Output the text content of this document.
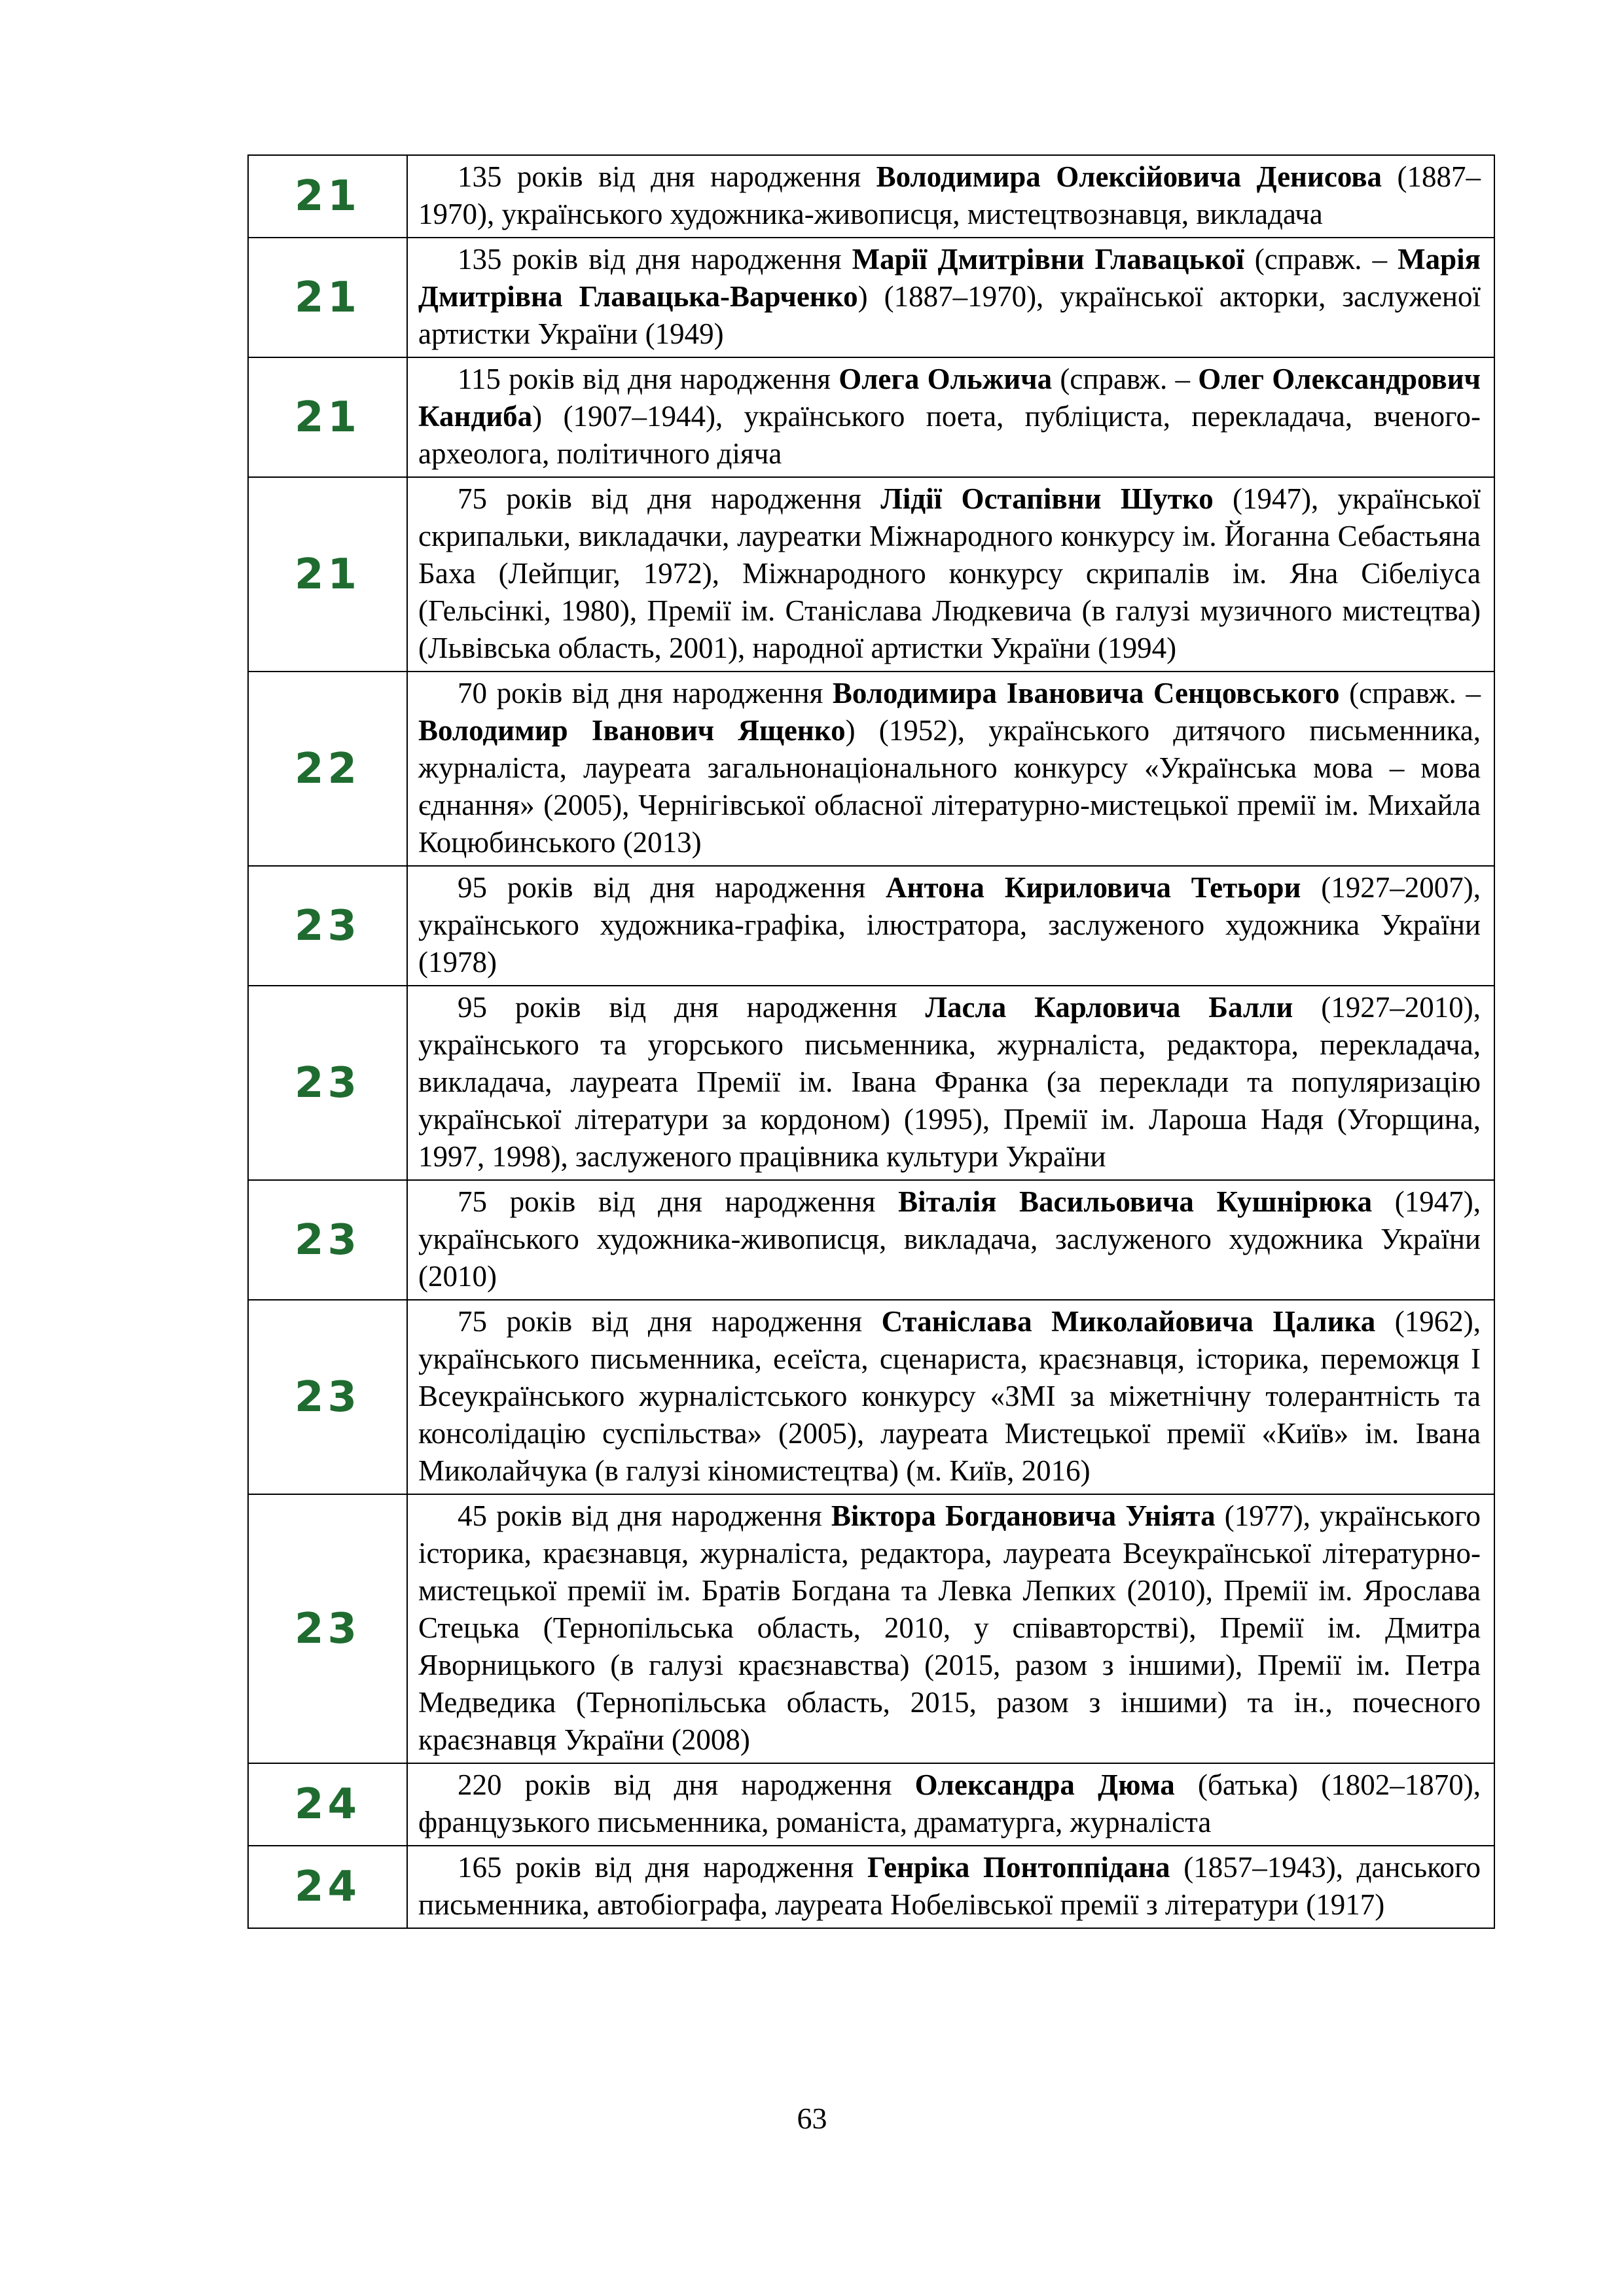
21	135 років від дня народження Володимира Олексійовича Денисова (1887–1970), українського художника-живописця, мистецтвознавця, викладача

21	135 років від дня народження Марії Дмитрівни Главацької (справж. – Марія Дмитрівна Главацька-Варченко) (1887–1970), української акторки, заслуженої артистки України (1949)

21	115 років від дня народження Олега Ольжича (справж. – Олег Олександрович Кандиба) (1907–1944), українського поета, публіциста, перекладача, вченого-археолога, політичного діяча

21	75 років від дня народження Лідії Остапівни Шутко (1947), української скрипальки, викладачки, лауреатки Міжнародного конкурсу ім. Йоганна Себастьяна Баха (Лейпциг, 1972), Міжнародного конкурсу скрипалів ім. Яна Сібеліуса (Гельсінкі, 1980), Премії ім. Станіслава Людкевича (в галузі музичного мистецтва) (Львівська область, 2001), народної артистки України (1994)

22	70 років від дня народження Володимира Івановича Сенцовського (справж. – Володимир Іванович Ященко) (1952), українського дитячого письменника, журналіста, лауреата загальнонаціонального конкурсу «Українська мова – мова єднання» (2005), Чернігівської обласної літературно-мистецької премії ім. Михайла Коцюбинського (2013)

23	95 років від дня народження Антона Кириловича Тетьори (1927–2007), українського художника-графіка, ілюстратора, заслуженого художника України (1978)

23	95 років від дня народження Ласла Карловича Балли (1927–2010), українського та угорського письменника, журналіста, редактора, перекладача, викладача, лауреата Премії ім. Івана Франка (за переклади та популяризацію української літератури за кордоном) (1995), Премії ім. Лароша Надя (Угорщина, 1997, 1998), заслуженого працівника культури України

23	75 років від дня народження Віталія Васильовича Кушнірюка (1947), українського художника-живописця, викладача, заслуженого художника України (2010)

23	75 років від дня народження Станіслава Миколайовича Цалика (1962), українського письменника, есеїста, сценариста, краєзнавця, історика, переможця І Всеукраїнського журналістського конкурсу «ЗМІ за міжетнічну толерантність та консолідацію суспільства» (2005), лауреата Мистецької премії «Київ» ім. Івана Миколайчука (в галузі кіномистецтва) (м. Київ, 2016)

23	45 років від дня народження Віктора Богдановича Уніята (1977), українського історика, краєзнавця, журналіста, редактора, лауреата Всеукраїнської літературно-мистецької премії ім. Братів Богдана та Левка Лепких (2010), Премії ім. Ярослава Стецька (Тернопільська область, 2010, у співавторстві), Премії ім. Дмитра Яворницького (в галузі краєзнавства) (2015, разом з іншими), Премії ім. Петра Медведика (Тернопільська область, 2015, разом з іншими) та ін., почесного краєзнавця України (2008)

24	220 років від дня народження Олександра Дюма (батька) (1802–1870), французького письменника, романіста, драматурга, журналіста

24	165 років від дня народження Генріка Понтоппідана (1857–1943), данського письменника, автобіографа, лауреата Нобелівської премії з літератури (1917)

63
